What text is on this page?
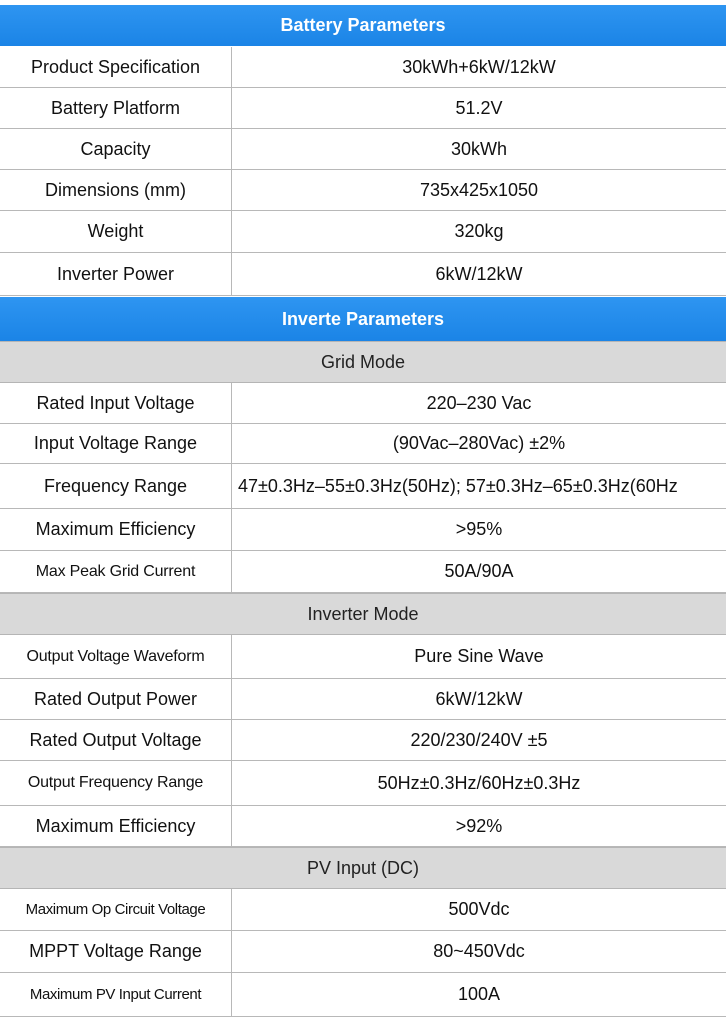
Battery Parameters
Product Specification	30kWh+6kW/12kW
Battery Platform	51.2V
Capacity	30kWh
Dimensions (mm)	735x425x1050
Weight	320kg
Inverter Power	6kW/12kW
Inverte Parameters
Grid Mode
Rated Input Voltage	220–230 Vac
Input Voltage Range	(90Vac–280Vac) ±2%
Frequency Range	47±0.3Hz–55±0.3Hz(50Hz); 57±0.3Hz–65±0.3Hz(60Hz
Maximum Efficiency	>95%
Max Peak Grid Current	50A/90A
Inverter Mode
Output Voltage Waveform	Pure Sine Wave
Rated Output Power	6kW/12kW
Rated Output Voltage	220/230/240V ±5
Output Frequency Range	50Hz±0.3Hz/60Hz±0.3Hz
Maximum Efficiency	>92%
PV Input (DC)
Maximum Op Circuit Voltage	500Vdc
MPPT Voltage Range	80~450Vdc
Maximum PV Input Current	100A
